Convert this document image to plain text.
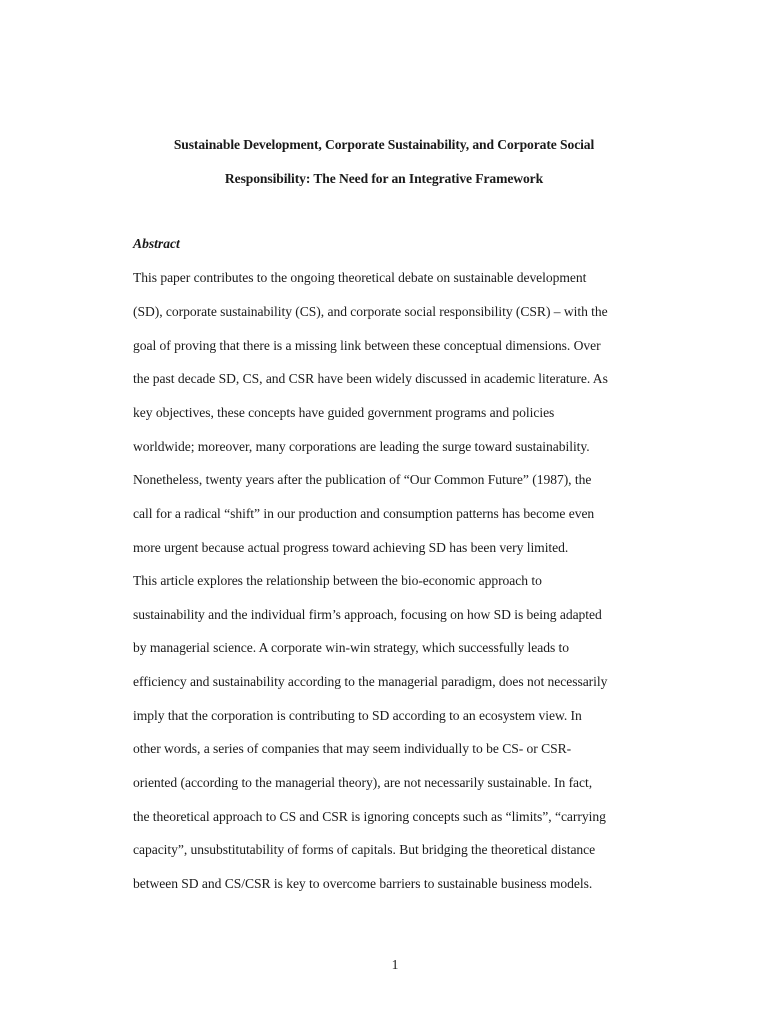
Sustainable Development, Corporate Sustainability, and Corporate Social
Responsibility: The Need for an Integrative Framework
Abstract
This paper contributes to the ongoing theoretical debate on sustainable development
(SD), corporate sustainability (CS), and corporate social responsibility (CSR) – with the
goal of proving that there is a missing link between these conceptual dimensions. Over
the past decade SD, CS, and CSR have been widely discussed in academic literature. As
key objectives, these concepts have guided government programs and policies
worldwide; moreover, many corporations are leading the surge toward sustainability.
Nonetheless, twenty years after the publication of “Our Common Future” (1987), the
call for a radical “shift” in our production and consumption patterns has become even
more urgent because actual progress toward achieving SD has been very limited.
This article explores the relationship between the bio-economic approach to
sustainability and the individual firm’s approach, focusing on how SD is being adapted
by managerial science. A corporate win-win strategy, which successfully leads to
efficiency and sustainability according to the managerial paradigm, does not necessarily
imply that the corporation is contributing to SD according to an ecosystem view. In
other words, a series of companies that may seem individually to be CS- or CSR-
oriented (according to the managerial theory), are not necessarily sustainable. In fact,
the theoretical approach to CS and CSR is ignoring concepts such as “limits”, “carrying
capacity”, unsubstitutability of forms of capitals. But bridging the theoretical distance
between SD and CS/CSR is key to overcome barriers to sustainable business models.
1
